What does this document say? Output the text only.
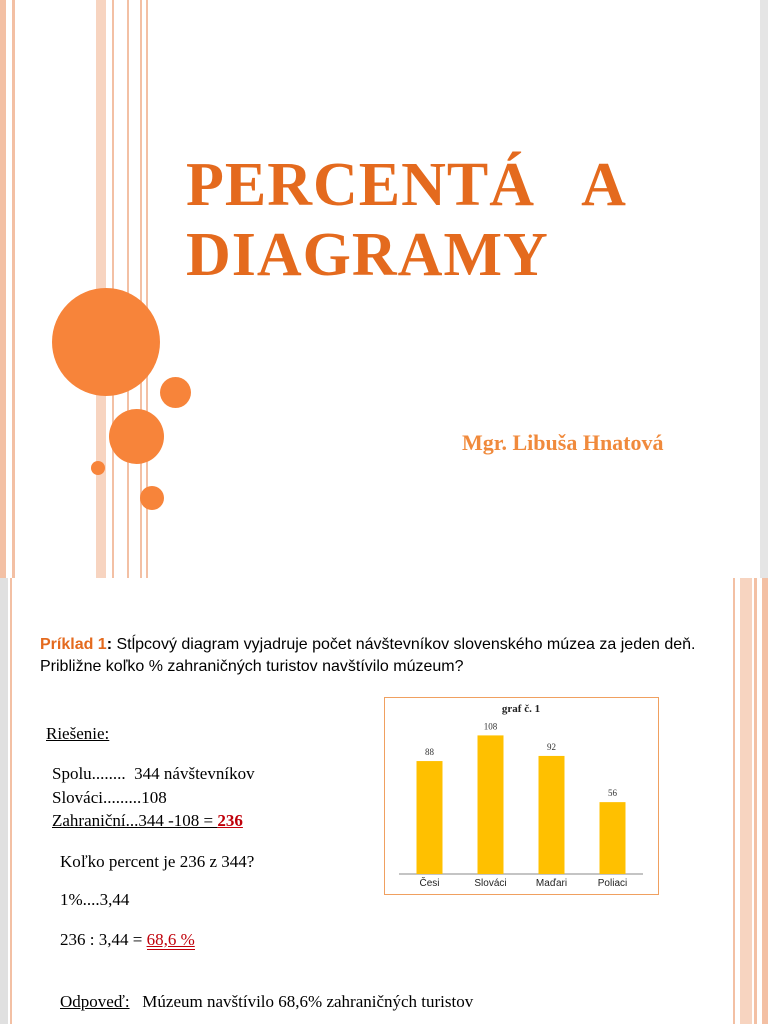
PERCENTÁ   A
DIAGRAMY
Mgr. Libuša Hnatová
Príklad 1: Stĺpcový diagram vyjadruje počet návštevníkov slovenského múzea za jeden deň. Približne koľko % zahraničných turistov navštívilo múzeum?
Riešenie:
Spolu........  344 návštevníkov
Slováci.........108
Zahraniční...344 -108 = 236
Koľko percent je 236 z 344?
1%....3,44
236 : 3,44 = 68,6 %
Odpoveď: Múzeum navštívilo 68,6% zahraničných turistov
graf č. 1
88
Česi
108
Slováci
92
Maďari
56
Poliaci
